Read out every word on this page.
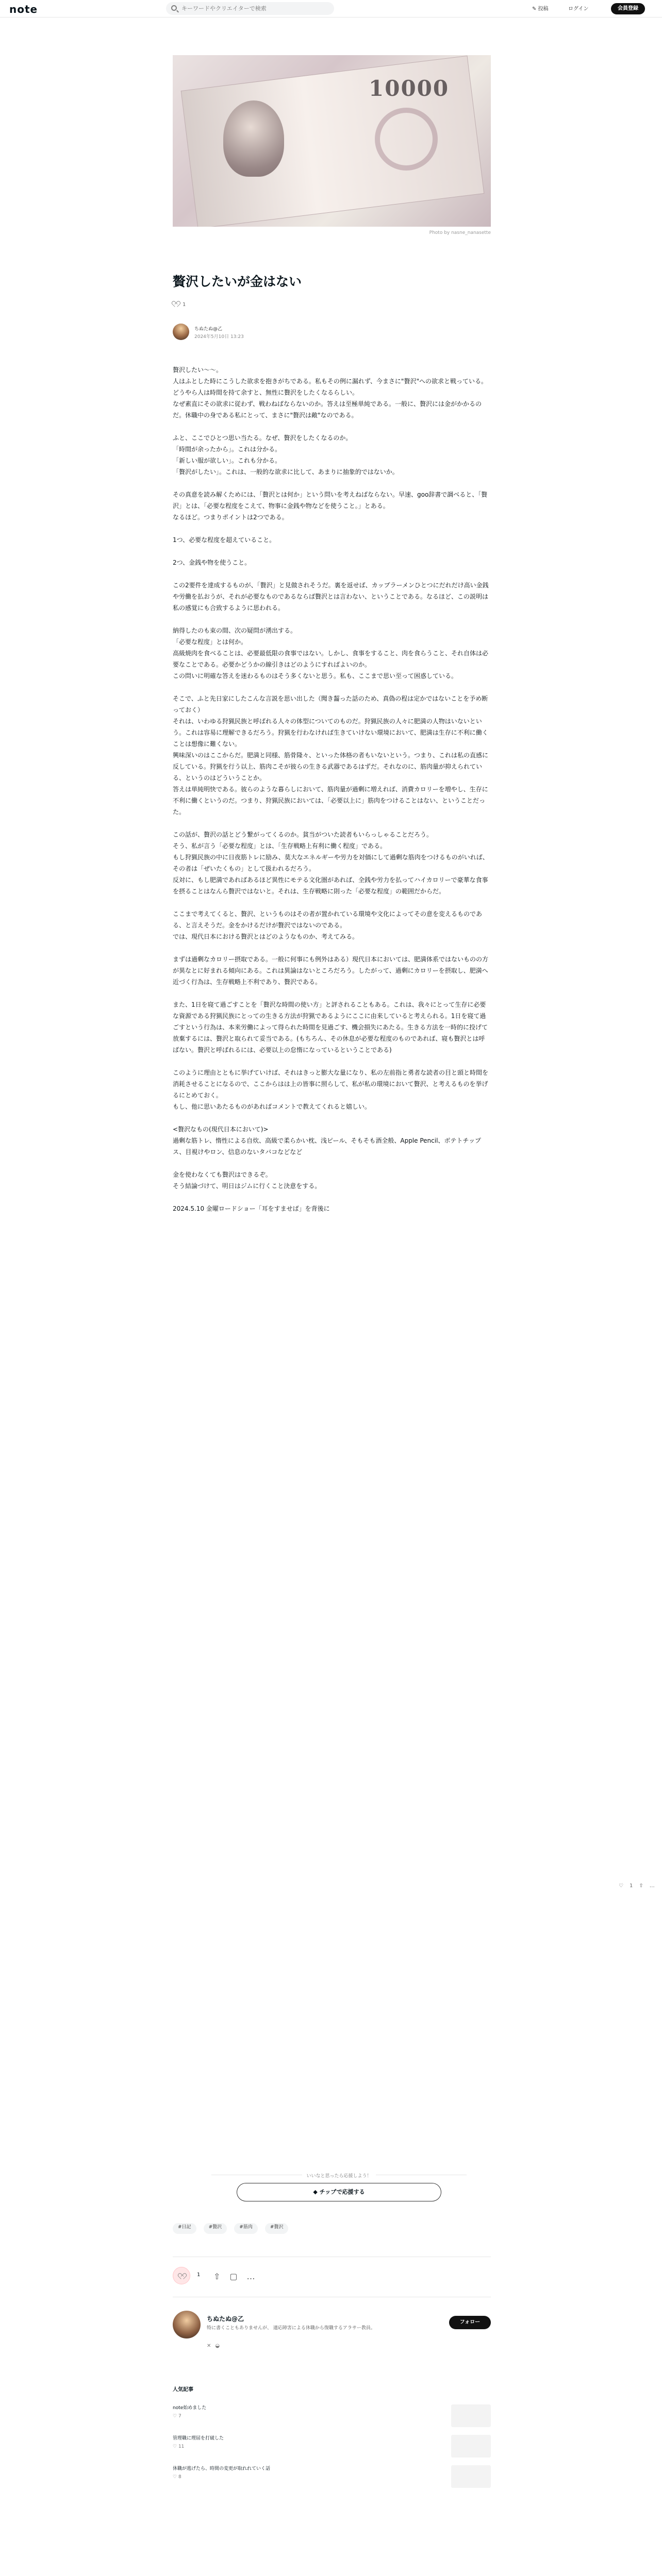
note
キーワードやクリエイターで検索	✎ 投稿	ログイン	会員登録
10000
Photo by nasne_nanasette
贅沢したいが金はない
1
ちぬたぬ@乙
2024年5月10日 13:23

贅沢したい～～。

人はふとした時にこうした欲求を抱きがちである。私もその例に漏れず、今まさに"贅沢"への欲求と戦っている。どうやら人は時間を持て余すと、無性に贅沢をしたくなるらしい。

なぜ素直にその欲求に従わず、戦わねばならないのか。答えは至極単純である。一般に、贅沢には金がかかるのだ。休職中の身である私にとって、まさに"贅沢は敵"なのである。

ふと、ここでひとつ思い当たる。なぜ、贅沢をしたくなるのか。

「時間が余ったから」。これは分かる。

「新しい服が欲しい」。これも分かる。

「贅沢がしたい」。これは、一般的な欲求に比して、あまりに抽象的ではないか。

その真意を読み解くためには、「贅沢とは何か」という問いを考えねばならない。早速、goo辞書で調べると、「贅沢」とは、「必要な程度をこえて、物事に金銭や物などを使うこと。」とある。

なるほど。つまりポイントは2つである。

1つ、必要な程度を超えていること。

2つ、金銭や物を使うこと。

この2要件を達成するものが、「贅沢」と見做されそうだ。裏を返せば、カップラーメンひとつにだれだけ高い金銭や労働を払おうが、それが必要なものであるならば贅沢とは言わない、ということである。なるほど、この説明は私の感覚にも合致するように思われる。

納得したのも束の間、次の疑問が湧出する。

「必要な程度」とは何か。

高級焼肉を食べることは、必要最低限の食事ではない。しかし、食事をすること、肉を食らうこと、それ自体は必要なことである。必要かどうかの線引きはどのようにすればよいのか。

この問いに明確な答えを迷わるものはそう多くないと思う。私も、ここまで思い至って困惑している。

そこで、ふと先日家にしたこんな言説を思い出した（聞き齧った話のため、真偽の程は定かではないことを予め断っておく）

それは、いわゆる狩猟民族と呼ばれる人々の体型についてのものだ。狩猟民族の人々に肥満の人物はいないという。これは容易に理解できるだろう。狩猟を行わなければ生きていけない環境において、肥満は生存に不利に働くことは想像に難くない。

興味深いのはここからだ。肥満と同様、筋骨隆々、といった体格の者もいないという。つまり、これは私の直感に反している。狩猟を行う以上、筋肉こそが彼らの生きる武器であるはずだ。それなのに、筋肉量が抑えられている、というのはどういうことか。

答えは単純明快である。彼らのような暮らしにおいて、筋肉量が過剰に増えれば、消費カロリーを増やし、生存に不利に働くというのだ。つまり、狩猟民族においては、「必要以上に」筋肉をつけることはない、ということだった。

この話が、贅沢の話とどう繋がってくるのか。貧当がついた読者もいらっしゃることだろう。

そう、私が言う「必要な程度」とは、「生存戦略上有利に働く程度」である。

もし狩猟民族の中に日夜筋トレに励み、莫大なエネルギーや労力を対価にして過剰な筋肉をつけるものがいれば、その者は「ぜいたくもの」として扱われるだろう。

反対に、もし肥満であればあるほど異性にモテる文化圏があれば、全銭や労力を払ってハイカロリーで豪華な食事を摂ることはなんら贅沢ではないと。それは、生存戦略に則った「必要な程度」の範囲だからだ。

ここまで考えてくると、贅沢、というものはその者が置かれている環境や文化によってその意を変えるものである、と言えそうだ。金をかけるだけが贅沢ではないのである。

では、現代日本における贅沢とはどのようなものか、考えてみる。

まずは過剰なカロリー摂取である。一般に何事にも例外はある）現代日本においては、肥満体系ではないものの方が異なとに好まれる傾向にある。これは異論はないところだろう。したがって、過剰にカロリーを摂取し、肥満へ近づく行為は、生存戦略上不利であり、贅沢である。

また、1日を寝て過ごすことを「贅沢な時間の使い方」と評されることもある。これは、我々にとって生存に必要な資源である狩猟民族にとっての生きる方法が狩猟であるようにここに由来していると考えられる。1日を寝て過ごすという行為は、本来労働によって得られた時間を見過ごす、機会損失にあたる。生きる方法を一時的に投げて放棄するには、贅沢と取られて妥当である。(もちろん、その休息が必要な程度のものであれば、寝も贅沢とは呼ばない。贅沢と呼ばれるには、必要以上の怠惰になっているということである)

このように理由とともに挙げていけば、それはきっと膨大な量になり、私の左前指と勇者な読者の目と頭と時間を消耗させることになるので、ここからはは上の皆事に照らして、私が私の環境において贅沢、と考えるものを挙げるにとめておく。

もし、他に思いあたるものがあればコメントで教えてくれると嬉しい。

<贅沢なもの(現代日本において)>

過剰な筋トレ、惰性による自炊、高級で柔らかい枕、浅ピール、そもそも酒全般、Apple Pencil、ボテトチップス、目視けやロン、信息のないタバコなどなど

金を使わなくても贅沢はできるぞ。

そう結論づけて、明日はジムに行くこと決意をする。

2024.5.10 金曜ロードショー「耳をすませば」を背後に

♡1⇧…
いいなと思ったら応援しよう！
◆ チップで応援する
#日記	#贅沢	#筋肉	#贅沢
1 ⇧▢…
ちぬたぬ@乙
特に書くこともありませんが、 適応障害による休職から復職するアラサー教員。
フォロー
✕◒
人気記事
note始めました
♡ 7
管理職に理屈を打破した
♡ 11
休職が逃げたら、時間の変更が取れれていく話
♡ 8
